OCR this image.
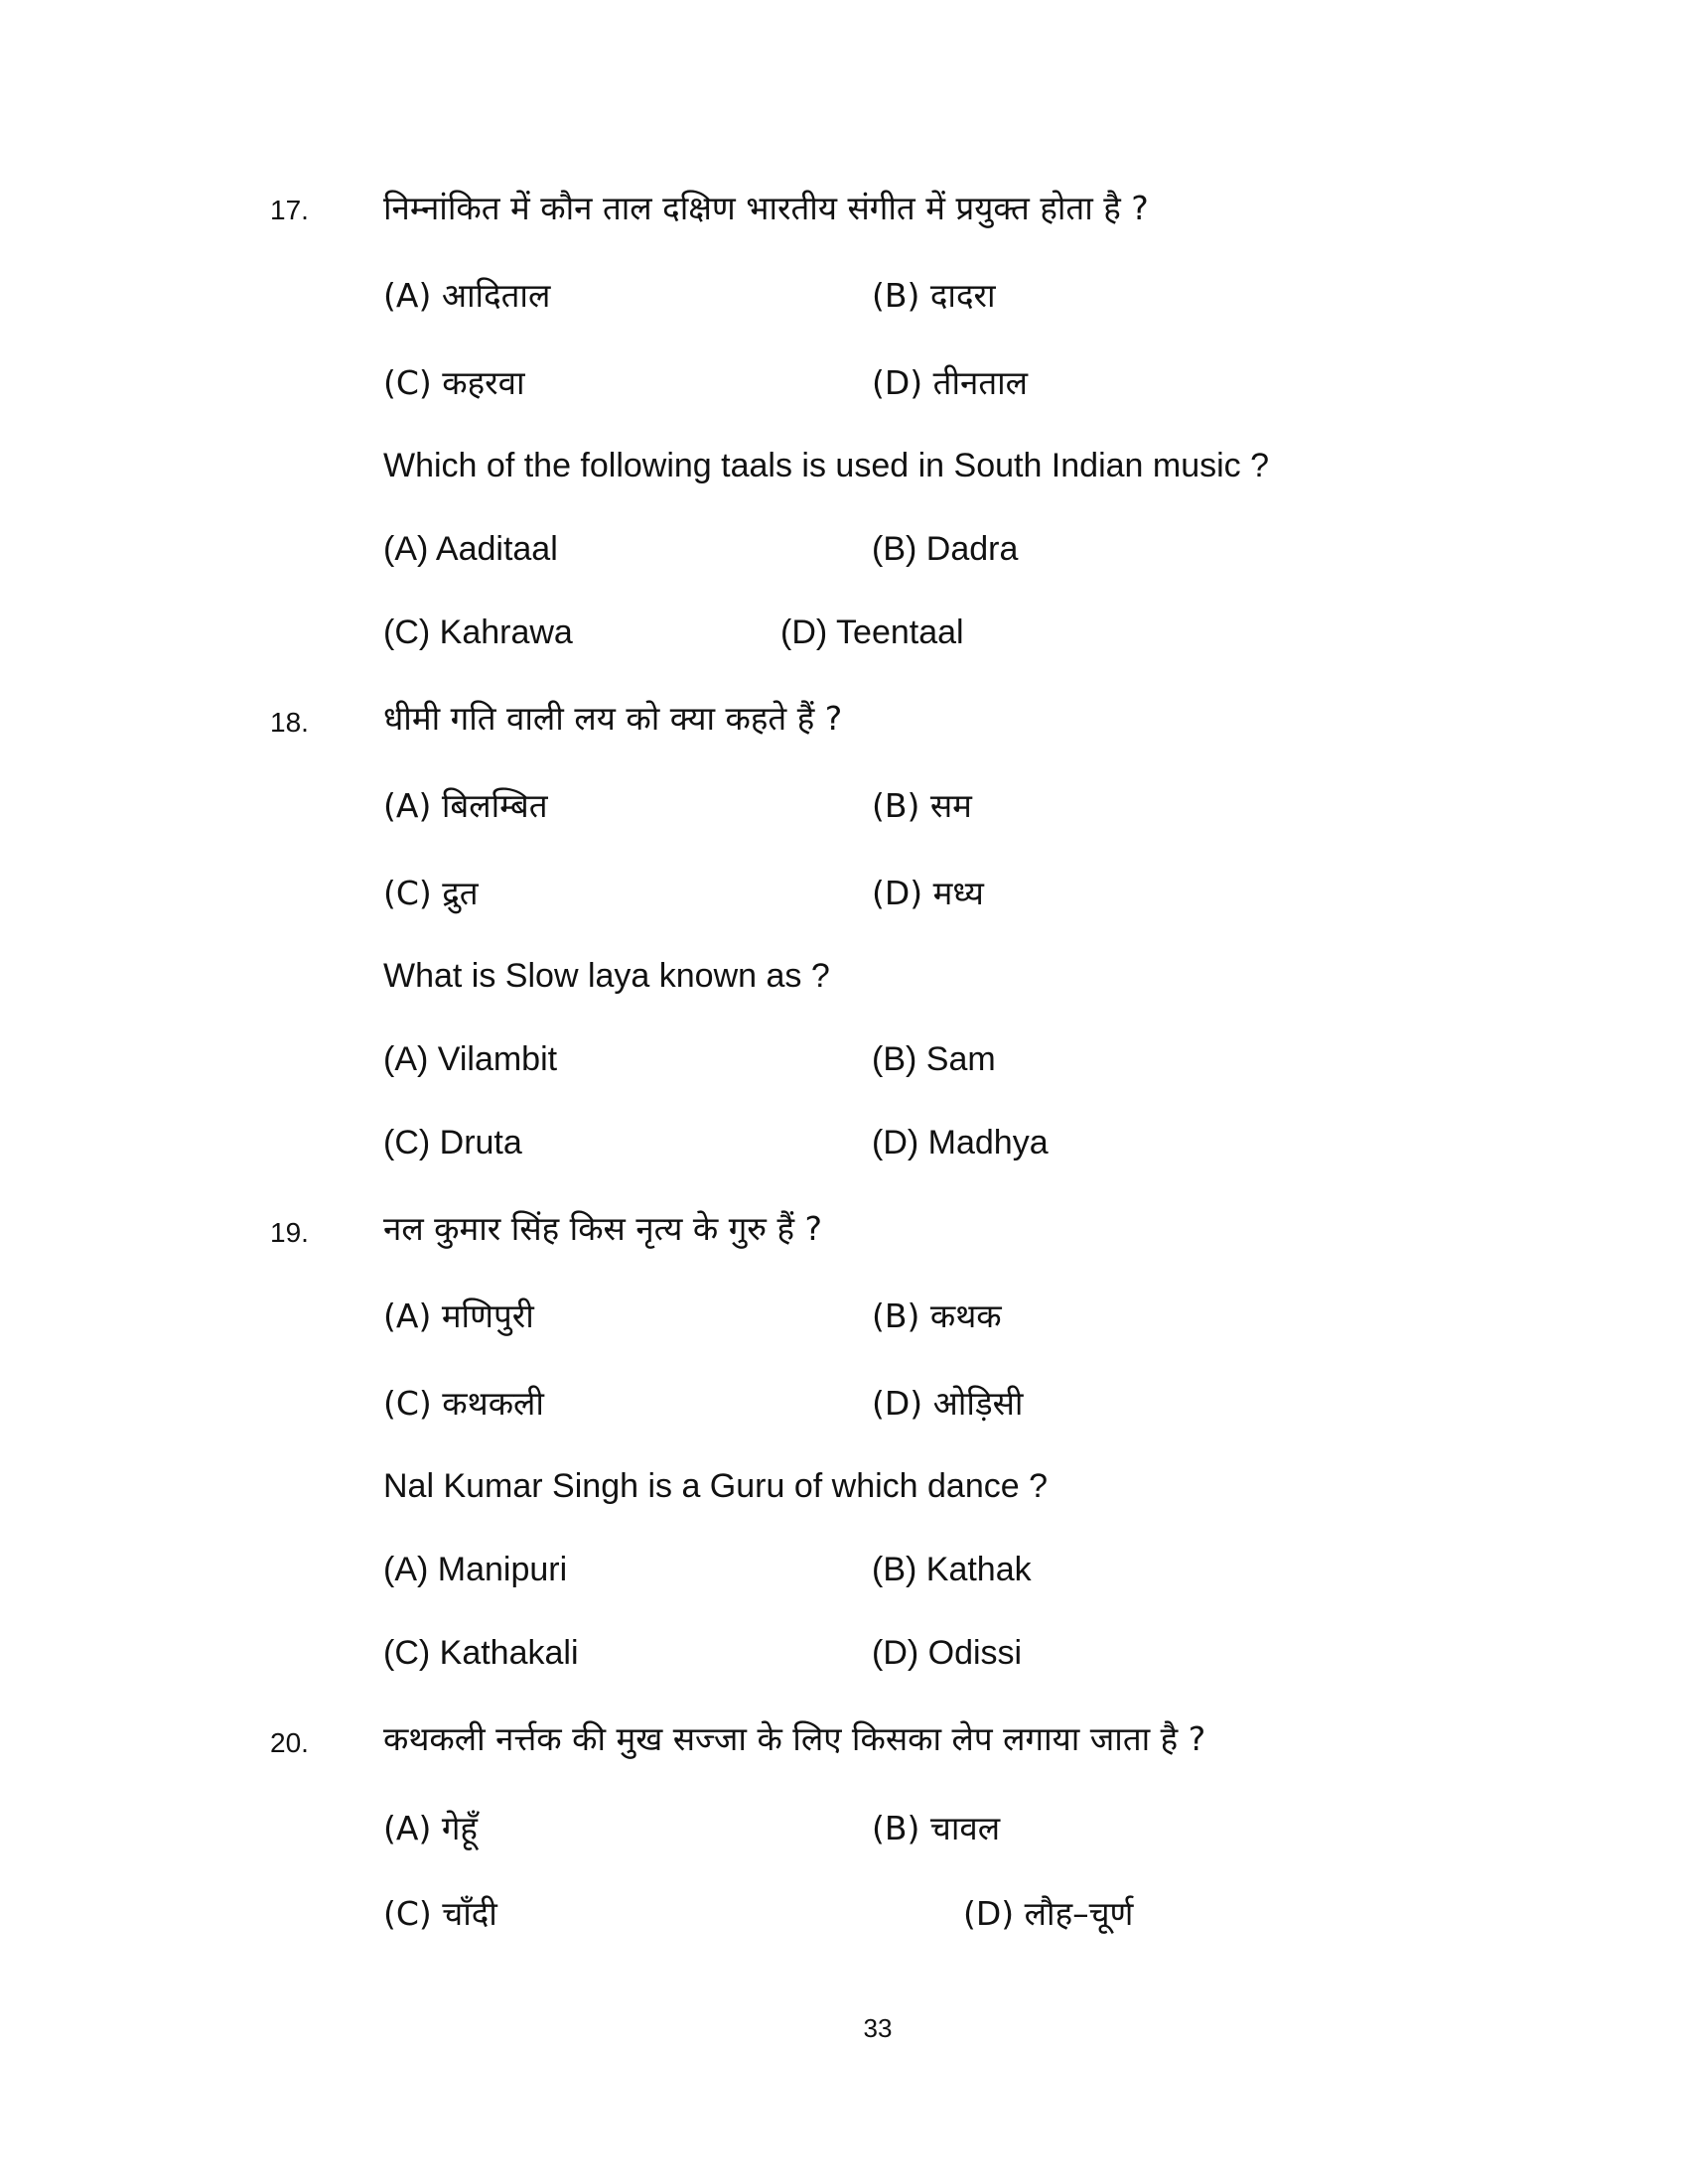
17. निम्नांकित में कौन ताल दक्षिण भारतीय संगीत में प्रयुक्त होता है ?
(A) आदिताल	(B) दादरा
(C) कहरवा	(D) तीनताल
Which of the following taals is used in South Indian music ?
(A) Aaditaal	(B) Dadra
(C) Kahrawa	(D) Teentaal
18. धीमी गति वाली लय को क्या कहते हैं ?
(A) बिलम्बित	(B) सम
(C) द्रुत	(D) मध्य
What is Slow laya known as ?
(A) Vilambit	(B) Sam
(C) Druta	(D) Madhya
19. नल कुमार सिंह किस नृत्य के गुरु हैं ?
(A) मणिपुरी	(B) कथक
(C) कथकली	(D) ओड़िसी
Nal Kumar Singh is a Guru of which dance ?
(A) Manipuri	(B) Kathak
(C) Kathakali	(D) Odissi
20. कथकली नर्त्तक की मुख सज्जा के लिए किसका लेप लगाया जाता है ?
(A) गेहूँ	(B) चावल
(C) चाँदी	(D) लौह–चूर्ण
33
